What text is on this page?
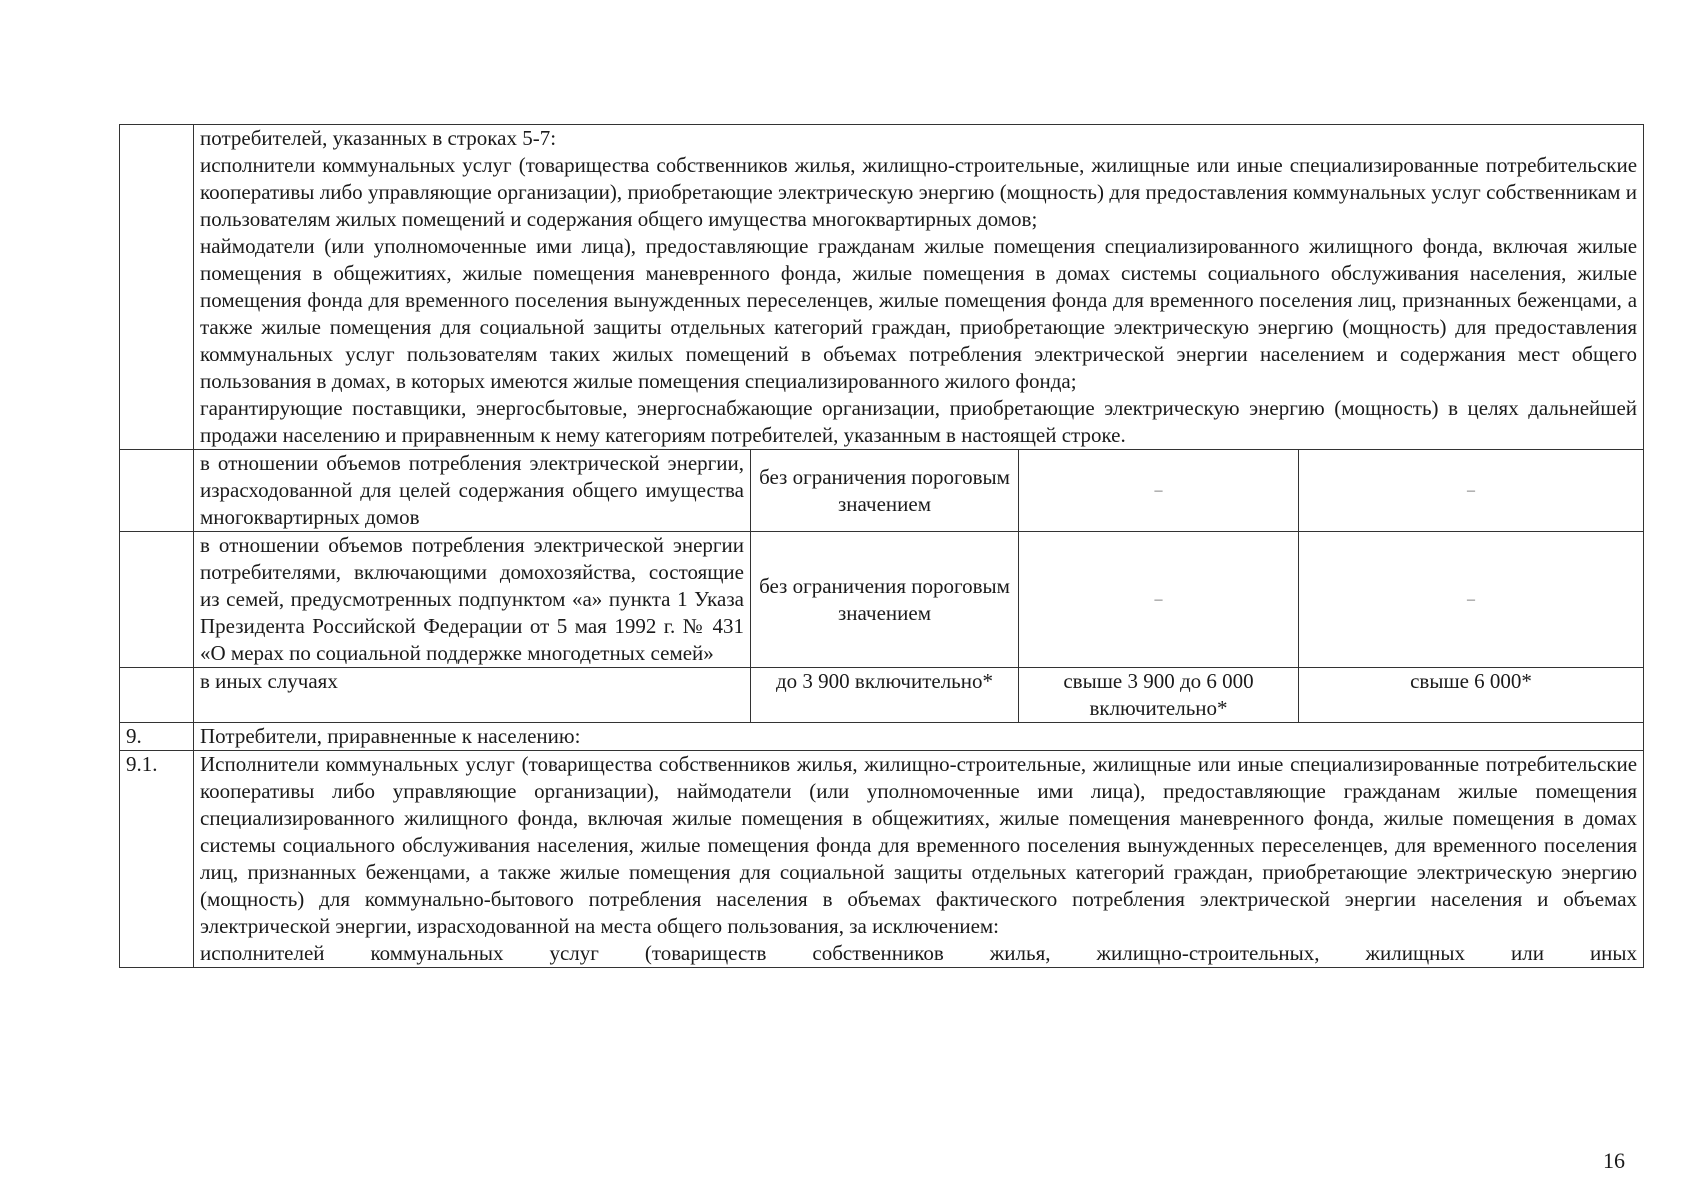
	потребителей, указанных в строках 5-7:

исполнители коммунальных услуг (товарищества собственников жилья, жилищно-строительные, жилищные или иные специализированные потребительские кооперативы либо управляющие организации), приобретающие электрическую энергию (мощность) для предоставления коммунальных услуг собственникам и пользователям жилых помещений и содержания общего имущества многоквартирных домов;

наймодатели (или уполномоченные ими лица), предоставляющие гражданам жилые помещения специализированного жилищного фонда, включая жилые помещения в общежитиях, жилые помещения маневренного фонда, жилые помещения в домах системы социального обслуживания населения, жилые помещения фонда для временного поселения вынужденных переселенцев, жилые помещения фонда для временного поселения лиц, признанных беженцами, а также жилые помещения для социальной защиты отдельных категорий граждан, приобретающие электрическую энергию (мощность) для предоставления коммунальных услуг пользователям таких жилых помещений в объемах потребления электрической энергии населением и содержания мест общего пользования в домах, в которых имеются жилые помещения специализированного жилого фонда;

гарантирующие поставщики, энергосбытовые, энергоснабжающие организации, приобретающие электрическую энергию (мощность) в целях дальнейшей продажи населению и приравненным к нему категориям потребителей, указанным в настоящей строке.			

	в отношении объемов потребления электрической энергии, израсходованной для целей содержания общего имущества многоквартирных домов	без ограничения пороговым значением	–	–
	в отношении объемов потребления электрической энергии потребителями, включающими домохозяйства, состоящие из семей, предусмотренных подпунктом «а» пункта 1 Указа Президента Российской Федерации от 5 мая 1992 г. № 431 «О мерах по социальной поддержке многодетных семей»	без ограничения пороговым значением	–	–
	в иных случаях	до 3 900 включительно*	свыше 3 900 до 6 000 включительно*	свыше 6 000*
9.	Потребители, приравненные к населению:			
9.1.	Исполнители коммунальных услуг (товарищества собственников жилья, жилищно-строительные, жилищные или иные специализированные потребительские кооперативы либо управляющие организации), наймодатели (или уполномоченные ими лица), предоставляющие гражданам жилые помещения специализированного жилищного фонда, включая жилые помещения в общежитиях, жилые помещения маневренного фонда, жилые помещения в домах системы социального обслуживания населения, жилые помещения фонда для временного поселения вынужденных переселенцев, для временного поселения лиц, признанных беженцами, а также жилые помещения для социальной защиты отдельных категорий граждан, приобретающие электрическую энергию (мощность) для коммунально-бытового потребления населения в объемах фактического потребления электрической энергии населения и объемах электрической энергии, израсходованной на места общего пользования, за исключением:

исполнителей коммунальных услуг (товариществ собственников жилья, жилищно-строительных, жилищных или иных			

16
